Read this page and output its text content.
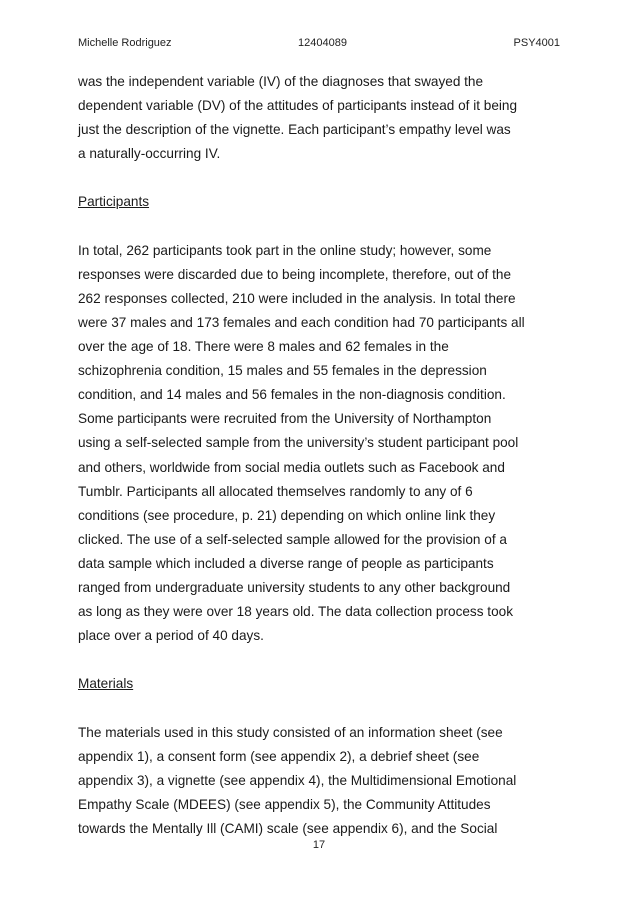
Michelle Rodriguez	12404089	PSY4001
was the independent variable (IV) of the diagnoses that swayed the
dependent variable (DV) of the attitudes of participants instead of it being
just the description of the vignette. Each participant’s empathy level was
a naturally-occurring IV.
Participants
In total, 262 participants took part in the online study; however, some
responses were discarded due to being incomplete, therefore, out of the
262 responses collected, 210 were included in the analysis. In total there
were 37 males and 173 females and each condition had 70 participants all
over the age of 18. There were 8 males and 62 females in the
schizophrenia condition, 15 males and 55 females in the depression
condition, and 14 males and 56 females in the non-diagnosis condition.
Some participants were recruited from the University of Northampton
using a self-selected sample from the university’s student participant pool
and others, worldwide from social media outlets such as Facebook and
Tumblr. Participants all allocated themselves randomly to any of 6
conditions (see procedure, p. 21) depending on which online link they
clicked. The use of a self-selected sample allowed for the provision of a
data sample which included a diverse range of people as participants
ranged from undergraduate university students to any other background
as long as they were over 18 years old. The data collection process took
place over a period of 40 days.
Materials
The materials used in this study consisted of an information sheet (see
appendix 1), a consent form (see appendix 2), a debrief sheet (see
appendix 3), a vignette (see appendix 4), the Multidimensional Emotional
Empathy Scale (MDEES) (see appendix 5), the Community Attitudes
towards the Mentally Ill (CAMI) scale (see appendix 6), and the Social
17
